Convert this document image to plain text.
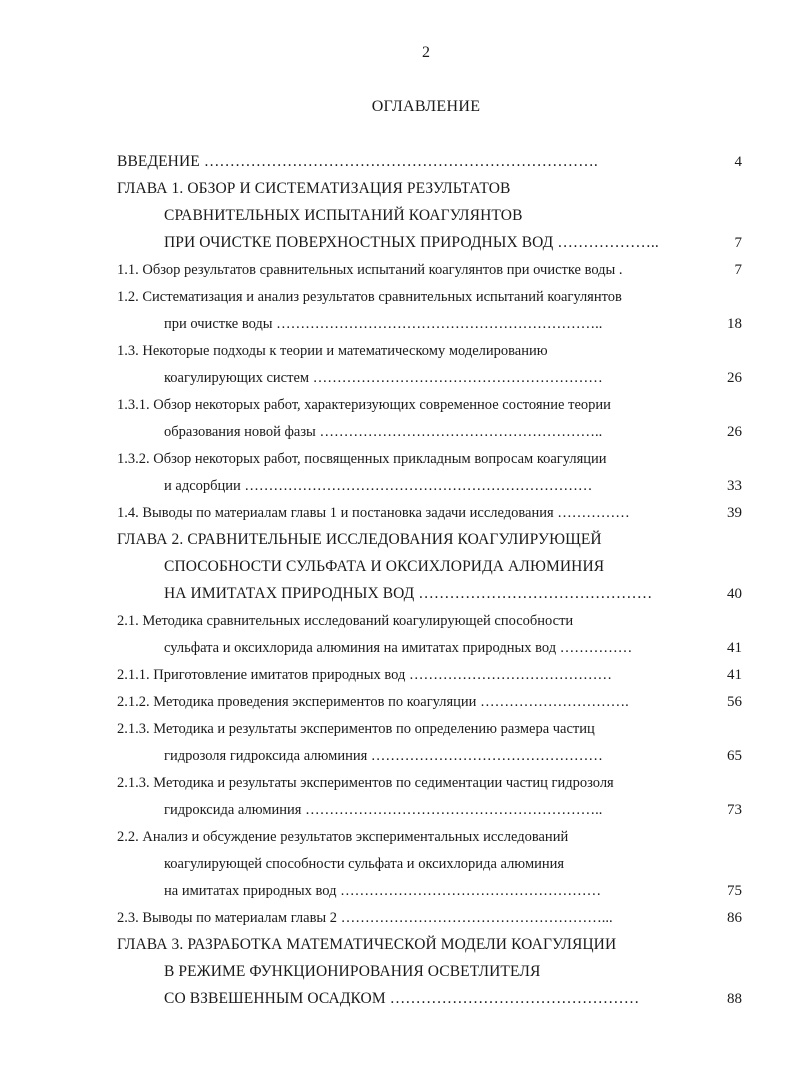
2
ОГЛАВЛЕНИЕ
ВВЕДЕНИЕ ………………………………………………………………….	4
ГЛАВА 1. ОБЗОР И СИСТЕМАТИЗАЦИЯ РЕЗУЛЬТАТОВ
СРАВНИТЕЛЬНЫХ ИСПЫТАНИЙ КОАГУЛЯНТОВ
ПРИ ОЧИСТКЕ ПОВЕРХНОСТНЫХ ПРИРОДНЫХ ВОД ………………..	7
1.1. Обзор результатов сравнительных испытаний коагулянтов при очистке воды .	7
1.2. Систематизация и анализ результатов сравнительных испытаний коагулянтов
при очистке воды …………………………………………………………..	18
1.3. Некоторые подходы к теории и математическому моделированию
коагулирующих систем ……………………………………………………	26
1.3.1. Обзор некоторых работ, характеризующих современное состояние теории
образования новой фазы …………………………………………………..	26
1.3.2. Обзор некоторых работ, посвященных прикладным вопросам коагуляции
и адсорбции ………………………………………………………………	33
1.4. Выводы по материалам главы 1 и постановка задачи исследования ……………	39
ГЛАВА 2. СРАВНИТЕЛЬНЫЕ ИССЛЕДОВАНИЯ КОАГУЛИРУЮЩЕЙ
СПОСОБНОСТИ СУЛЬФАТА И ОКСИХЛОРИДА АЛЮМИНИЯ
НА ИМИТАТАХ ПРИРОДНЫХ ВОД ………………………………………	40
2.1. Методика сравнительных исследований коагулирующей способности
сульфата и оксихлорида алюминия на имитатах природных вод ……………	41
2.1.1. Приготовление имитатов природных вод ……………………………………	41
2.1.2. Методика проведения экспериментов по коагуляции ………………………….	56
2.1.3. Методика и результаты экспериментов по определению размера частиц
гидрозоля гидроксида алюминия …………………………………………	65
2.1.3. Методика и результаты экспериментов по седиментации частиц гидрозоля
гидроксида алюминия ……………………………………………………..	73
2.2. Анализ и обсуждение результатов экспериментальных исследований
коагулирующей способности сульфата и оксихлорида алюминия
на имитатах природных вод ………………………………………………	75
2.3. Выводы по материалам главы 2 ………………………………………………...	86
ГЛАВА 3. РАЗРАБОТКА МАТЕМАТИЧЕСКОЙ МОДЕЛИ КОАГУЛЯЦИИ
В РЕЖИМЕ ФУНКЦИОНИРОВАНИЯ ОСВЕТЛИТЕЛЯ
СО ВЗВЕШЕННЫМ ОСАДКОМ …………………………………………	88
